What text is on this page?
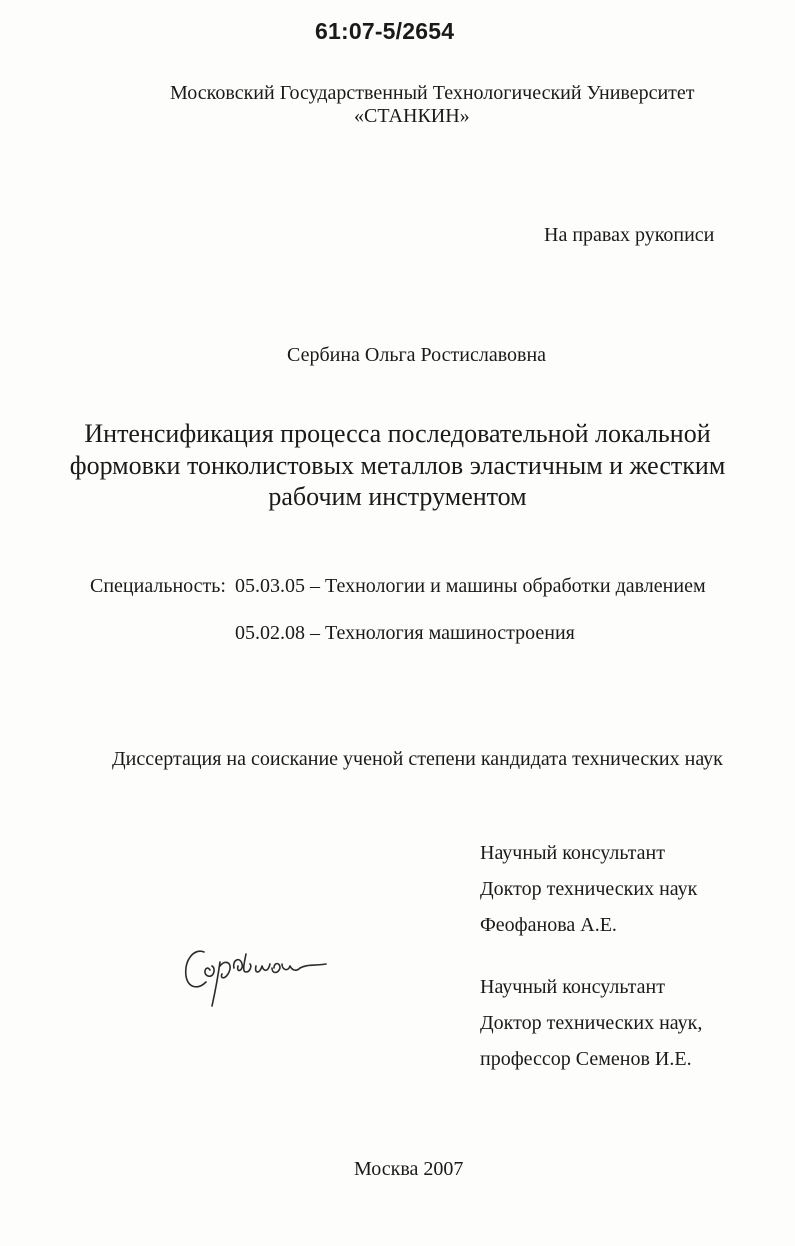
61:07-5/2654
Московский Государственный Технологический Университет
«СТАНКИН»
На правах рукописи
Сербина Ольга Ростиславовна
Интенсификация процесса последовательной локальной
формовки тонколистовых металлов эластичным и жестким
рабочим инструментом
Специальность: 05.03.05 – Технологии и машины обработки давлением
05.02.08 – Технология машиностроения
Диссертация на соискание ученой степени кандидата технических наук
Научный консультант
Доктор технических наук
Феофанова А.Е.
Научный консультант
Доктор технических наук,
профессор Семенов И.Е.
Москва 2007
